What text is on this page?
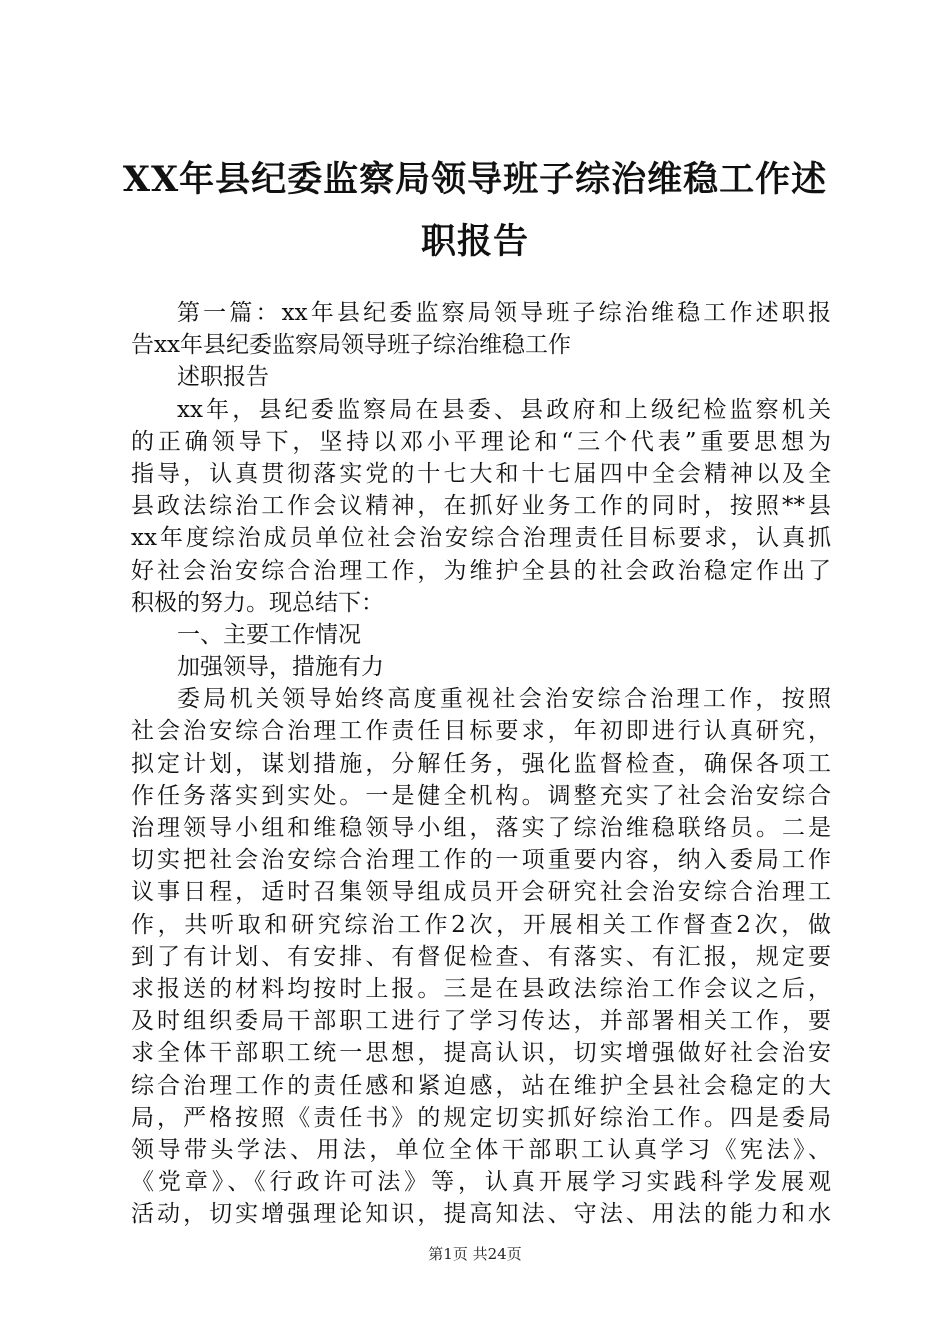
XX年县纪委监察局领导班子综治维稳工作述
职报告
第一篇：xx年县纪委监察局领导班子综治维稳工作述职报
告xx年县纪委监察局领导班子综治维稳工作
述职报告
xx年，县纪委监察局在县委、县政府和上级纪检监察机关
的正确领导下，坚持以邓小平理论和“三个代表”重要思想为
指导，认真贯彻落实党的十七大和十七届四中全会精神以及全
县政法综治工作会议精神，在抓好业务工作的同时，按照**县
xx年度综治成员单位社会治安综合治理责任目标要求，认真抓
好社会治安综合治理工作，为维护全县的社会政治稳定作出了
积极的努力。现总结下：
一、主要工作情况
加强领导，措施有力
委局机关领导始终高度重视社会治安综合治理工作，按照
社会治安综合治理工作责任目标要求，年初即进行认真研究，
拟定计划，谋划措施，分解任务，强化监督检查，确保各项工
作任务落实到实处。一是健全机构。调整充实了社会治安综合
治理领导小组和维稳领导小组，落实了综治维稳联络员。二是
切实把社会治安综合治理工作的一项重要内容，纳入委局工作
议事日程，适时召集领导组成员开会研究社会治安综合治理工
作，共听取和研究综治工作2次，开展相关工作督查2次，做
到了有计划、有安排、有督促检查、有落实、有汇报，规定要
求报送的材料均按时上报。三是在县政法综治工作会议之后，
及时组织委局干部职工进行了学习传达，并部署相关工作，要
求全体干部职工统一思想，提高认识，切实增强做好社会治安
综合治理工作的责任感和紧迫感，站在维护全县社会稳定的大
局，严格按照《责任书》的规定切实抓好综治工作。四是委局
领导带头学法、用法，单位全体干部职工认真学习《宪法》、
《党章》、《行政许可法》等，认真开展学习实践科学发展观
活动，切实增强理论知识，提高知法、守法、用法的能力和水
第1页 共24页
